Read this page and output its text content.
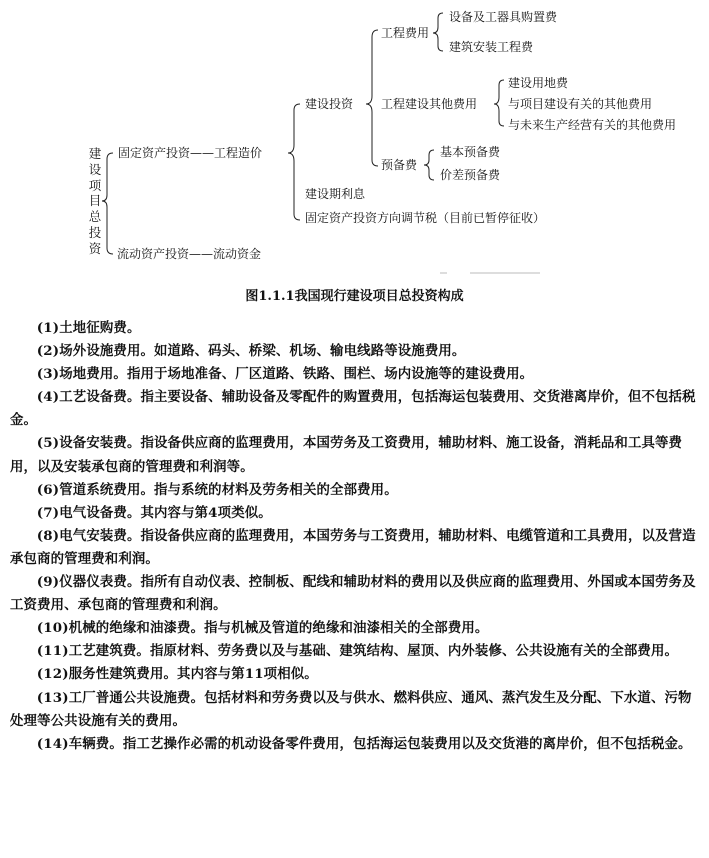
建
设
项
目
总
投
资
固定资产投资——工程造价
流动资产投资——流动资金
建设投资
工程费用
设备及工器具购置费
建筑安装工程费
工程建设其他费用
建设用地费
与项目建设有关的其他费用
与未来生产经营有关的其他费用
预备费
基本预备费
价差预备费
建设期利息
固定资产投资方向调节税（目前已暂停征收）
图1.1.1我国现行建设项目总投资构成

(1)土地征购费。

(2)场外设施费用。如道路、码头、桥梁、机场、输电线路等设施费用。

(3)场地费用。指用于场地准备、厂区道路、铁路、围栏、场内设施等的建设费用。

(4)工艺设备费。指主要设备、辅助设备及零配件的购置费用，包括海运包装费用、交货港离岸价，但不包括税金。

(5)设备安装费。指设备供应商的监理费用，本国劳务及工资费用，辅助材料、施工设备，消耗品和工具等费用，以及安装承包商的管理费和利润等。

(6)管道系统费用。指与系统的材料及劳务相关的全部费用。

(7)电气设备费。其内容与第4项类似。

(8)电气安装费。指设备供应商的监理费用，本国劳务与工资费用，辅助材料、电缆管道和工具费用，以及营造承包商的管理费和利润。

(9)仪器仪表费。指所有自动仪表、控制板、配线和辅助材料的费用以及供应商的监理费用、外国或本国劳务及工资费用、承包商的管理费和利润。

(10)机械的绝缘和油漆费。指与机械及管道的绝缘和油漆相关的全部费用。

(11)工艺建筑费。指原材料、劳务费以及与基础、建筑结构、屋顶、内外装修、公共设施有关的全部费用。

(12)服务性建筑费用。其内容与第11项相似。

(13)工厂普通公共设施费。包括材料和劳务费以及与供水、燃料供应、通风、蒸汽发生及分配、下水道、污物处理等公共设施有关的费用。

(14)车辆费。指工艺操作必需的机动设备零件费用，包括海运包装费用以及交货港的离岸价，但不包括税金。
